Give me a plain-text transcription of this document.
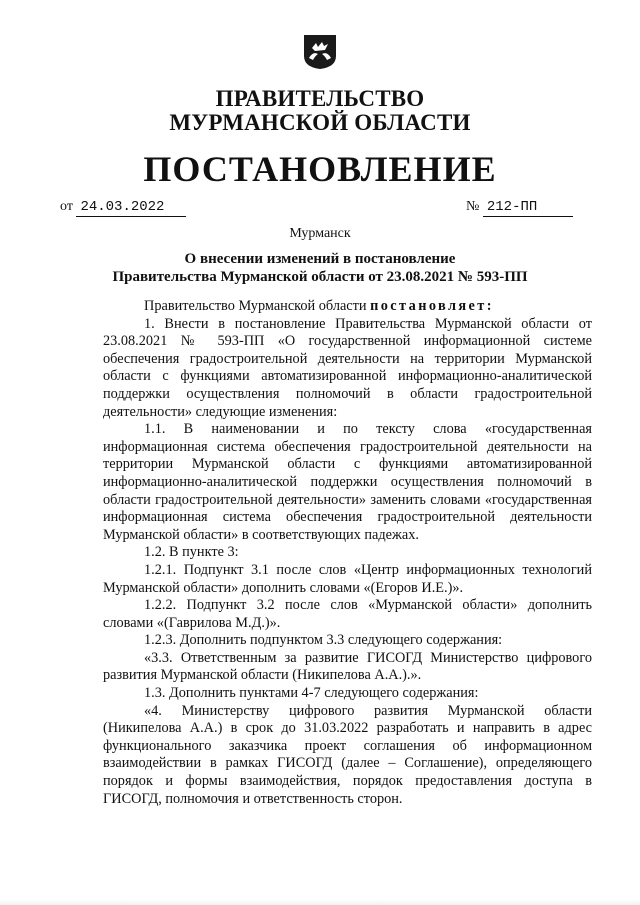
ПРАВИТЕЛЬСТВО
МУРМАНСКОЙ ОБЛАСТИ
ПОСТАНОВЛЕНИЕ
от 24.03.2022	№ 212-ПП
Мурманск
О внесении изменений в постановление
Правительства Мурманской области от 23.08.2021 № 593-ПП

Правительство Мурманской области постановляет:

1. Внести в постановление Правительства Мурманской области от 23.08.2021 № 593-ПП «О государственной информационной системе обеспечения градостроительной деятельности на территории Мурманской области с функциями автоматизированной информационно-аналитической поддержки осуществления полномочий в области градостроительной деятельности» следующие изменения:

1.1. В наименовании и по тексту слова «государственная информационная система обеспечения градостроительной деятельности на территории Мурманской области с функциями автоматизированной информационно-аналитической поддержки осуществления полномочий в области градостроительной деятельности» заменить словами «государственная информационная система обеспечения градостроительной деятельности Мурманской области» в соответствующих падежах.

1.2. В пункте 3:

1.2.1. Подпункт 3.1 после слов «Центр информационных технологий Мурманской области» дополнить словами «(Егоров И.Е.)».

1.2.2. Подпункт 3.2 после слов «Мурманской области» дополнить словами «(Гаврилова М.Д.)».

1.2.3. Дополнить подпунктом 3.3 следующего содержания:

«3.3. Ответственным за развитие ГИСОГД Министерство цифрового развития Мурманской области (Никипелова А.А.).».

1.3. Дополнить пунктами 4-7 следующего содержания:

«4. Министерству цифрового развития Мурманской области (Никипелова А.А.) в срок до 31.03.2022 разработать и направить в адрес функционального заказчика проект соглашения об информационном взаимодействии в рамках ГИСОГД (далее – Соглашение), определяющего порядок и формы взаимодействия, порядок предоставления доступа в ГИСОГД, полномочия и ответственность сторон.
